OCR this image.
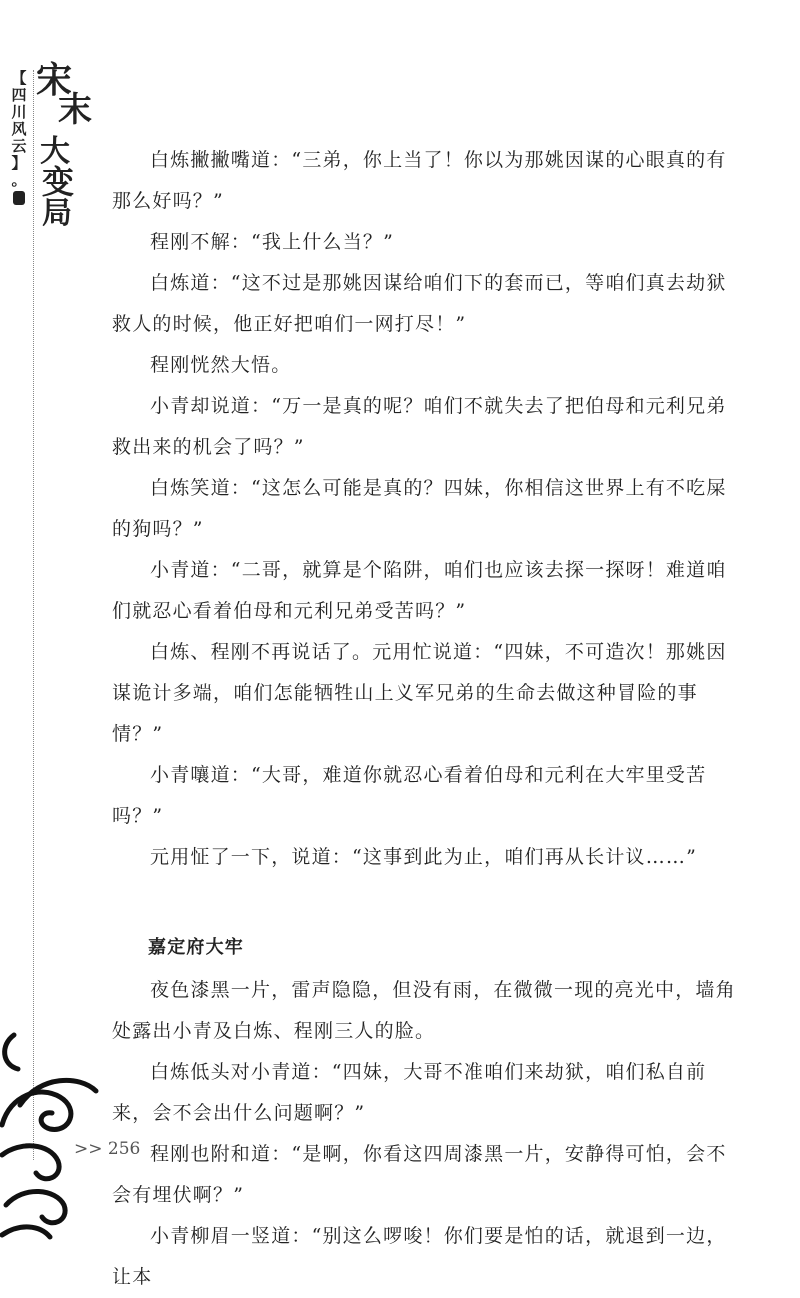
【
四
川
风
云
】
。
宋
末
大
变
局

白炼撇撇嘴道：“三弟，你上当了！你以为那姚因谋的心眼真的有那么好吗？”

程刚不解：“我上什么当？”

白炼道：“这不过是那姚因谋给咱们下的套而已，等咱们真去劫狱救人的时候，他正好把咱们一网打尽！”

程刚恍然大悟。

小青却说道：“万一是真的呢？咱们不就失去了把伯母和元利兄弟救出来的机会了吗？”

白炼笑道：“这怎么可能是真的？四妹，你相信这世界上有不吃屎的狗吗？”

小青道：“二哥，就算是个陷阱，咱们也应该去探一探呀！难道咱们就忍心看着伯母和元利兄弟受苦吗？”

白炼、程刚不再说话了。元用忙说道：“四妹，不可造次！那姚因谋诡计多端，咱们怎能牺牲山上义军兄弟的生命去做这种冒险的事情？”

小青嚷道：“大哥，难道你就忍心看着伯母和元利在大牢里受苦吗？”

元用怔了一下，说道：“这事到此为止，咱们再从长计议……”

嘉定府大牢

夜色漆黑一片，雷声隐隐，但没有雨，在微微一现的亮光中，墙角处露出小青及白炼、程刚三人的脸。

白炼低头对小青道：“四妹，大哥不准咱们来劫狱，咱们私自前来，会不会出什么问题啊？”

程刚也附和道：“是啊，你看这四周漆黑一片，安静得可怕，会不会有埋伏啊？”

小青柳眉一竖道：“别这么啰唆！你们要是怕的话，就退到一边，让本

>> 256
